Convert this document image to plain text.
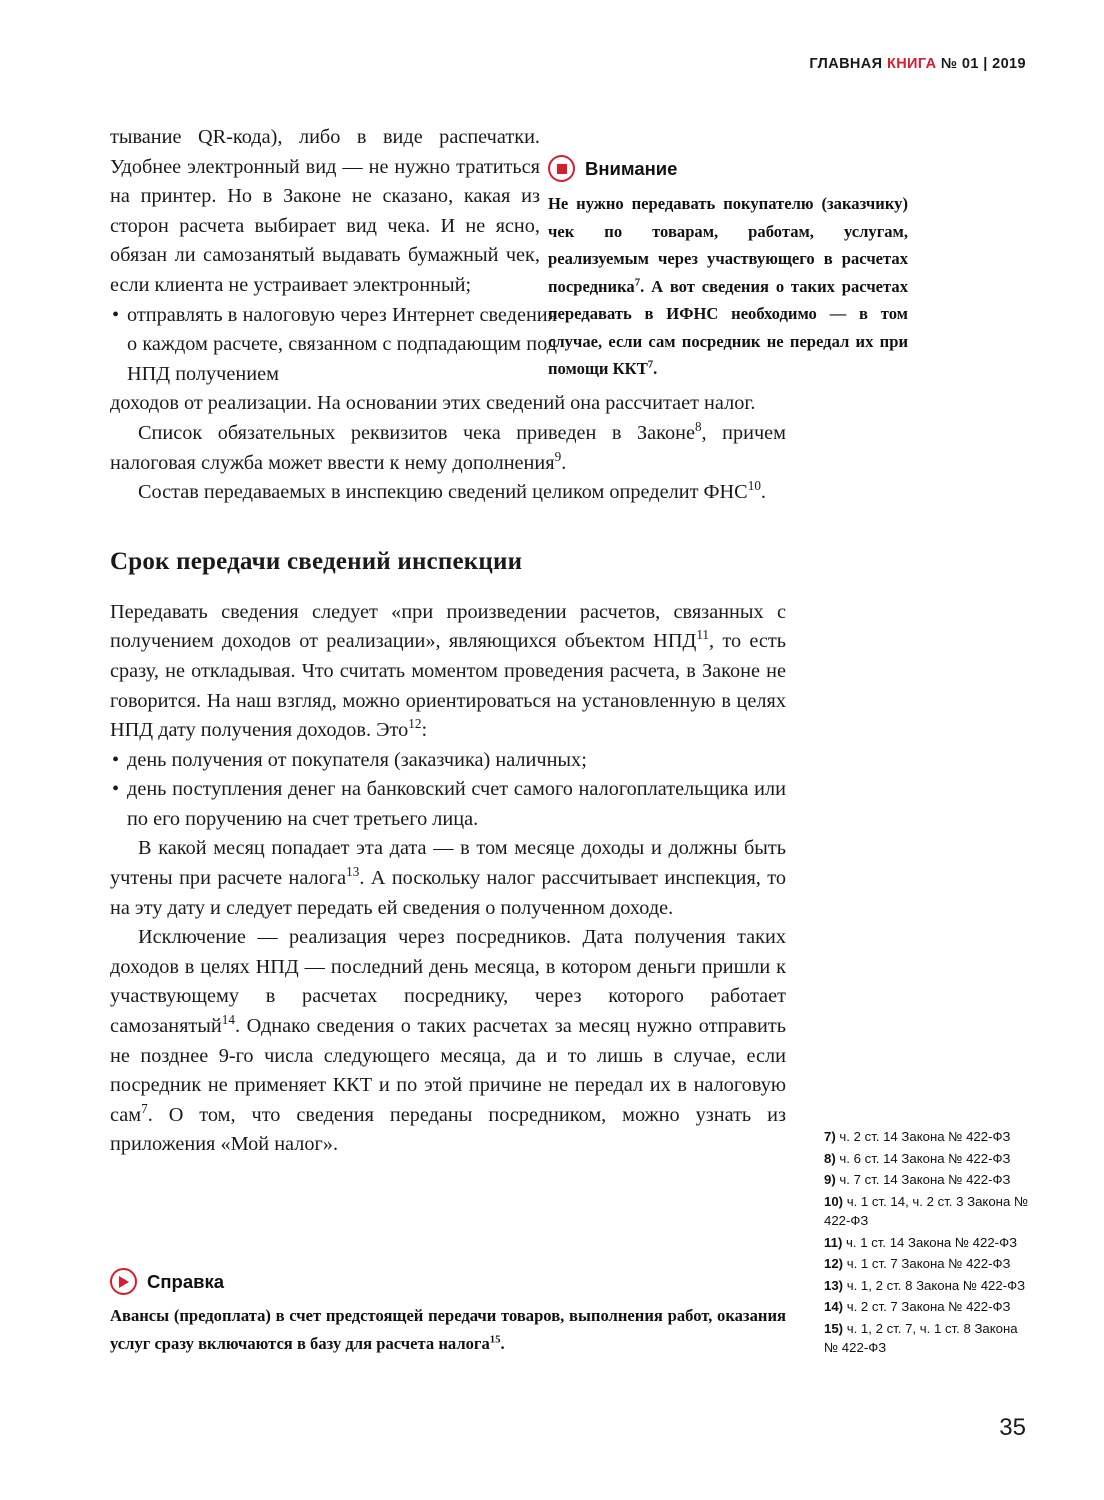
ГЛАВНАЯ КНИГА № 01 | 2019

тывание QR-кода), либо в виде распечатки. Удобнее электронный вид — не нужно тратиться на принтер. Но в Законе не сказано, какая из сторон расчета выбирает вид чека. И не ясно, обязан ли самозанятый выдавать бумажный чек, если клиента не устраивает электронный;

• отправлять в налоговую через Интернет сведения о каждом расчете, связанном с подпадающим под НПД получением

доходов от реализации. На основании этих сведений она рассчитает налог.

Список обязательных реквизитов чека приведен в Законе$^8$, причем налоговая служба может ввести к нему дополнения$^9$.

Состав передаваемых в инспекцию сведений целиком определит ФНС$^{10}$.

Срок передачи сведений инспекции

Передавать сведения следует «при произведении расчетов, связанных с получением доходов от реализации», являющихся объектом НПД$^{11}$, то есть сразу, не откладывая. Что считать моментом проведения расчета, в Законе не говорится. На наш взгляд, можно ориентироваться на установленную в целях НПД дату получения доходов. Это$^{12}$:

• день получения от покупателя (заказчика) наличных;
• день поступления денег на банковский счет самого налогоплательщика или по его поручению на счет третьего лица.

В какой месяц попадает эта дата — в том месяце доходы и должны быть учтены при расчете налога$^{13}$. А поскольку налог рассчитывает инспекция, то на эту дату и следует передать ей сведения о полученном доходе.

Исключение — реализация через посредников. Дата получения таких доходов в целях НПД — последний день месяца, в котором деньги пришли к участвующему в расчетах посреднику, через которого работает самозанятый$^{14}$. Однако сведения о таких расчетах за месяц нужно отправить не позднее 9-го числа следующего месяца, да и то лишь в случае, если посредник не применяет ККТ и по этой причине не передал их в налоговую сам$^7$. О том, что сведения переданы посредником, можно узнать из приложения «Мой налог».

Внимание

Не нужно передавать покупателю (заказчику) чек по товарам, работам, услугам, реализуемым через участвующего в расчетах посредника$^7$. А вот сведения о таких расчетах передавать в ИФНС необходимо — в том случае, если сам посредник не передал их при помощи ККТ$^7$.

Справка

Авансы (предоплата) в счет предстоящей передачи товаров, выполнения работ, оказания услуг сразу включаются в базу для расчета налога$^{15}$.

7) ч. 2 ст. 14 Закона № 422-ФЗ
8) ч. 6 ст. 14 Закона № 422-ФЗ
9) ч. 7 ст. 14 Закона № 422-ФЗ
10) ч. 1 ст. 14, ч. 2 ст. 3 Закона № 422-ФЗ
11) ч. 1 ст. 14 Закона № 422-ФЗ
12) ч. 1 ст. 7 Закона № 422-ФЗ
13) ч. 1, 2 ст. 8 Закона № 422-ФЗ
14) ч. 2 ст. 7 Закона № 422-ФЗ
15) ч. 1, 2 ст. 7, ч. 1 ст. 8 Закона № 422-ФЗ
35
